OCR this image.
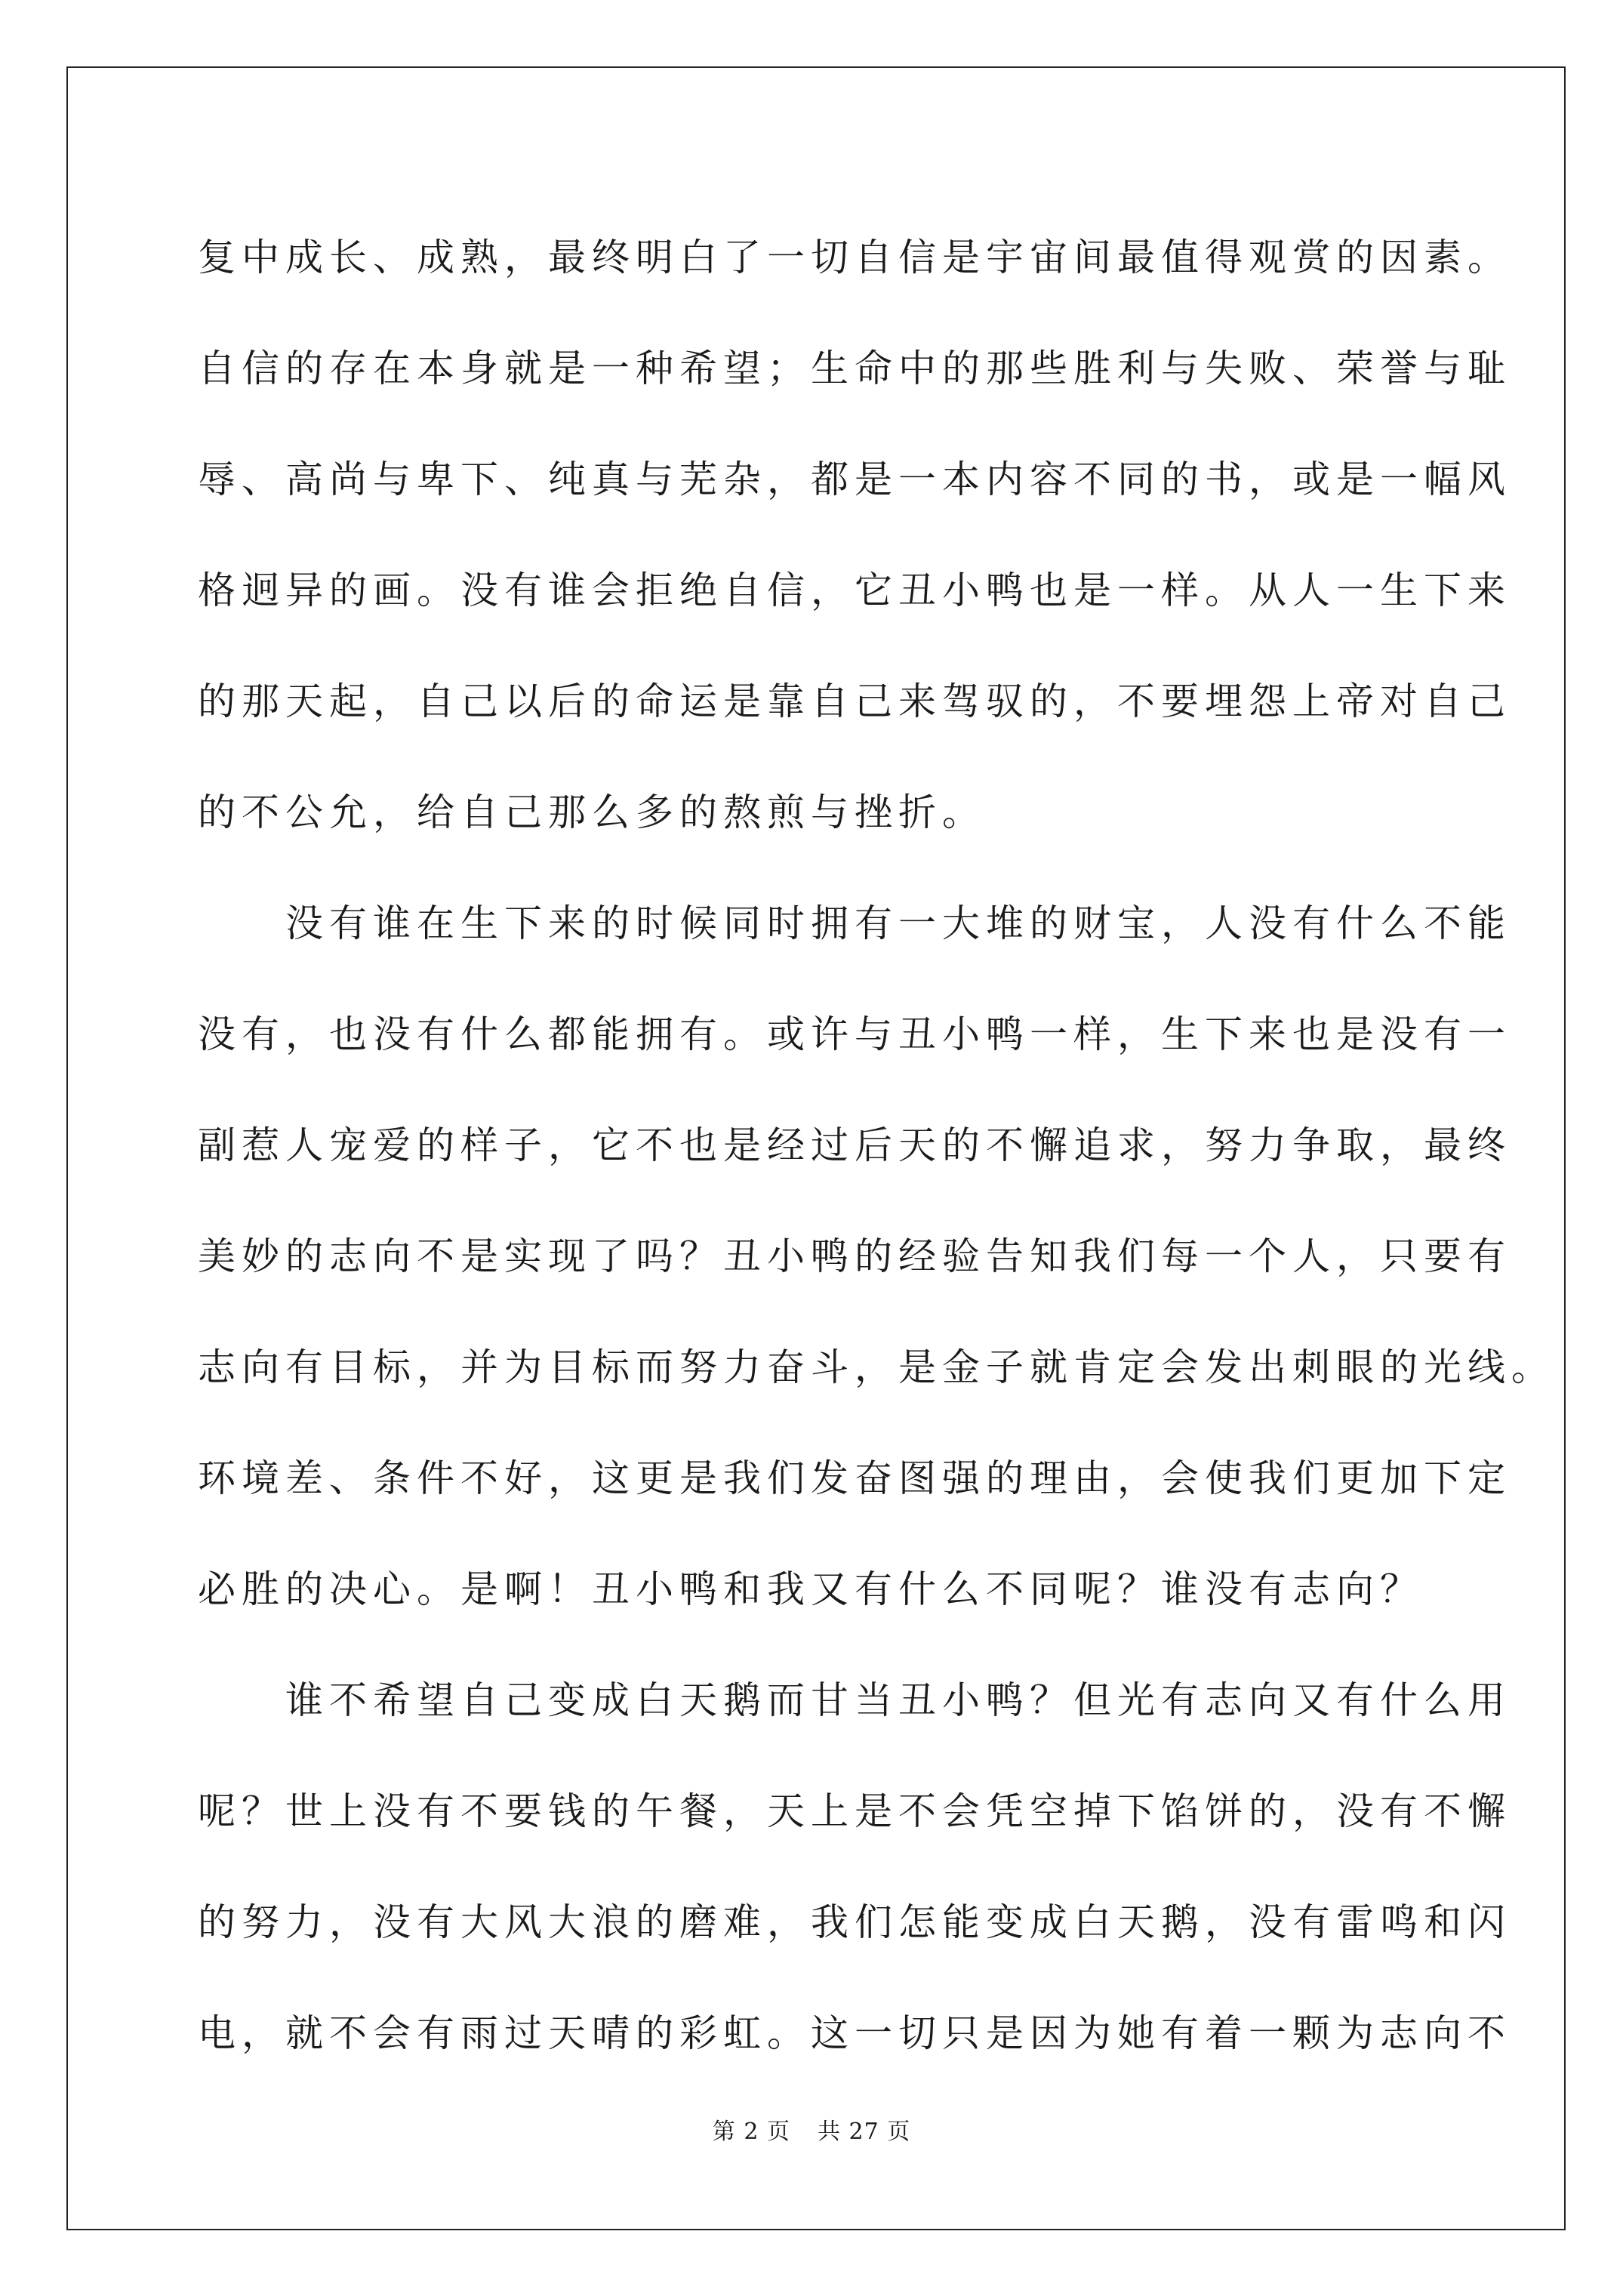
复中成长、成熟，最终明白了一切自信是宇宙间最值得观赏的因素。
自信的存在本身就是一种希望；生命中的那些胜利与失败、荣誉与耻
辱、高尚与卑下、纯真与芜杂，都是一本内容不同的书，或是一幅风
格迥异的画。没有谁会拒绝自信，它丑小鸭也是一样。从人一生下来
的那天起，自己以后的命运是靠自己来驾驭的，不要埋怨上帝对自己
的不公允，给自己那么多的熬煎与挫折。

没有谁在生下来的时候同时拥有一大堆的财宝，人没有什么不能
没有，也没有什么都能拥有。或许与丑小鸭一样，生下来也是没有一
副惹人宠爱的样子，它不也是经过后天的不懈追求，努力争取，最终
美妙的志向不是实现了吗？丑小鸭的经验告知我们每一个人，只要有
志向有目标，并为目标而努力奋斗，是金子就肯定会发出刺眼的光线。
环境差、条件不好，这更是我们发奋图强的理由，会使我们更加下定
必胜的决心。是啊！丑小鸭和我又有什么不同呢？谁没有志向？

谁不希望自己变成白天鹅而甘当丑小鸭？但光有志向又有什么用
呢？世上没有不要钱的午餐，天上是不会凭空掉下馅饼的，没有不懈
的努力，没有大风大浪的磨难，我们怎能变成白天鹅，没有雷鸣和闪
电，就不会有雨过天晴的彩虹。这一切只是因为她有着一颗为志向不

第 2 页 共 27 页
